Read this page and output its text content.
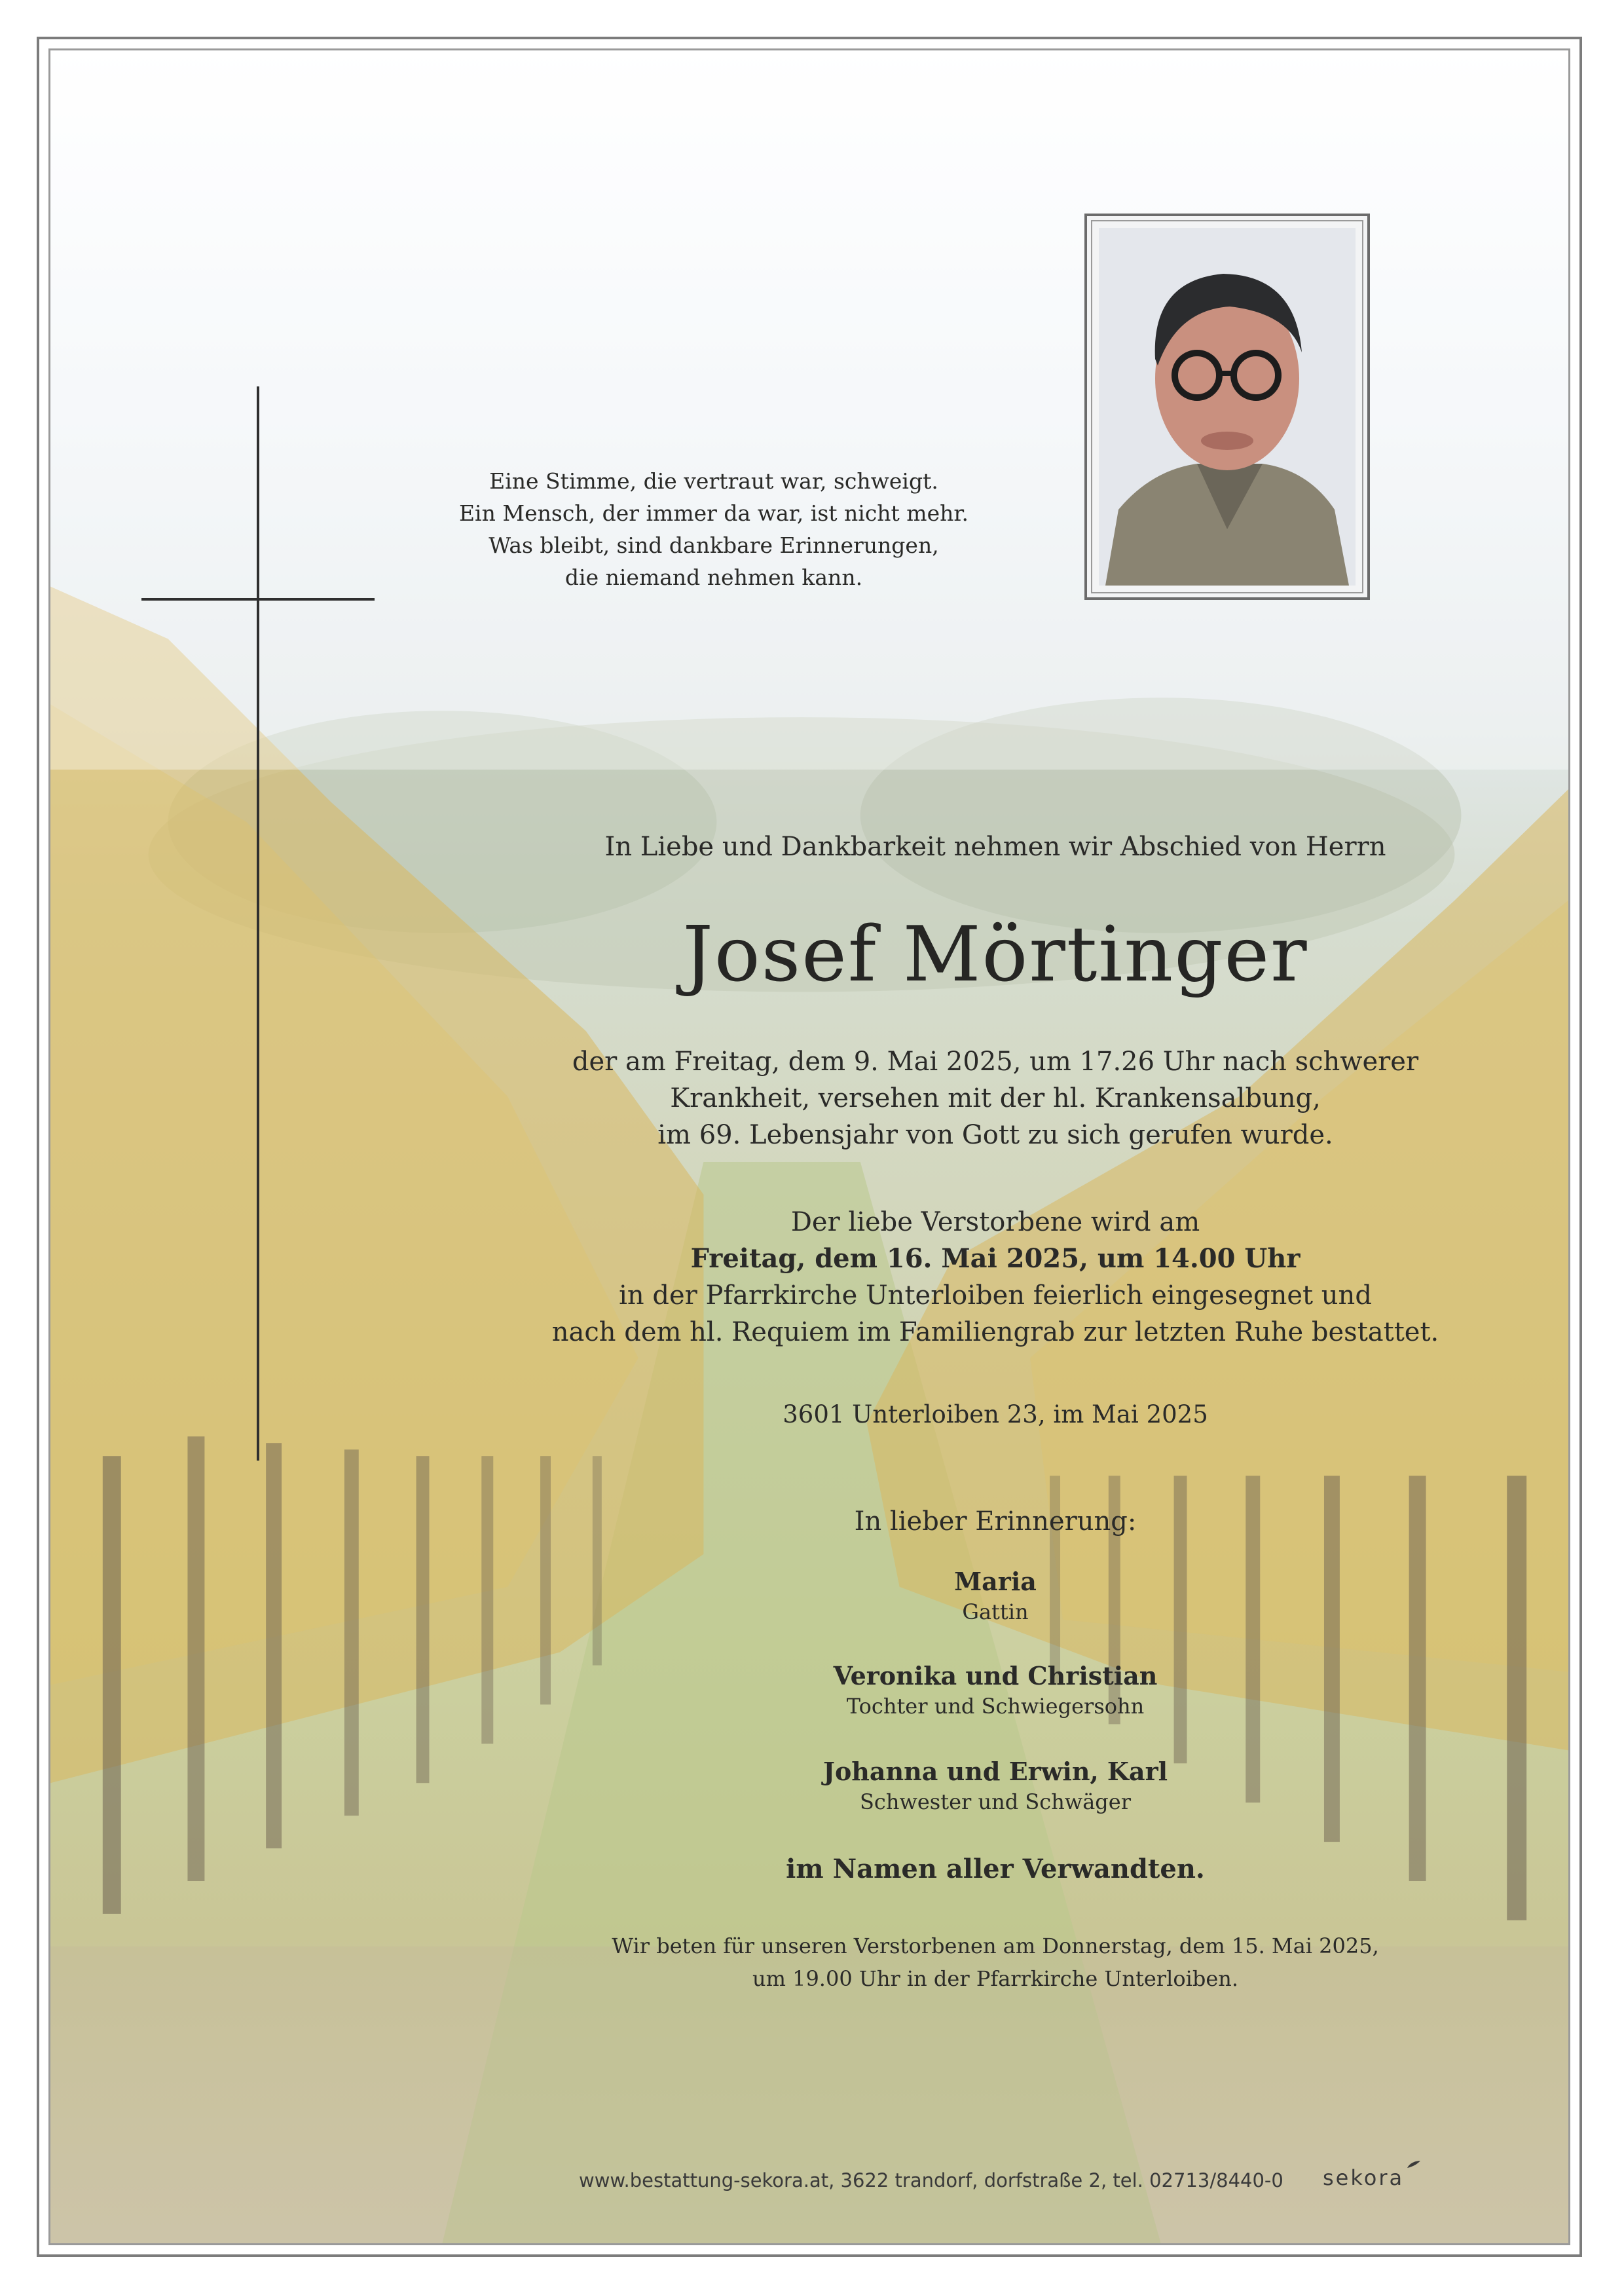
Eine Stimme, die vertraut war, schweigt.
Ein Mensch, der immer da war, ist nicht mehr.
Was bleibt, sind dankbare Erinnerungen,
die niemand nehmen kann.
In Liebe und Dankbarkeit nehmen wir Abschied von Herrn
Josef Mörtinger
der am Freitag, dem 9. Mai 2025, um 17.26 Uhr nach schwerer
Krankheit, versehen mit der hl. Krankensalbung,
im 69. Lebensjahr von Gott zu sich gerufen wurde.
Der liebe Verstorbene wird am
Freitag, dem 16. Mai 2025, um 14.00 Uhr
in der Pfarrkirche Unterloiben feierlich eingesegnet und
nach dem hl. Requiem im Familiengrab zur letzten Ruhe bestattet.
3601 Unterloiben 23, im Mai 2025
In lieber Erinnerung:
Maria
Gattin
Veronika und Christian
Tochter und Schwiegersohn
Johanna und Erwin, Karl
Schwester und Schwäger
im Namen aller Verwandten.
Wir beten für unseren Verstorbenen am Donnerstag, dem 15. Mai 2025,
um 19.00 Uhr in der Pfarrkirche Unterloiben.
www.bestattung-sekora.at, 3622 trandorf, dorfstraße 2, tel. 02713/8440-0 sekora
